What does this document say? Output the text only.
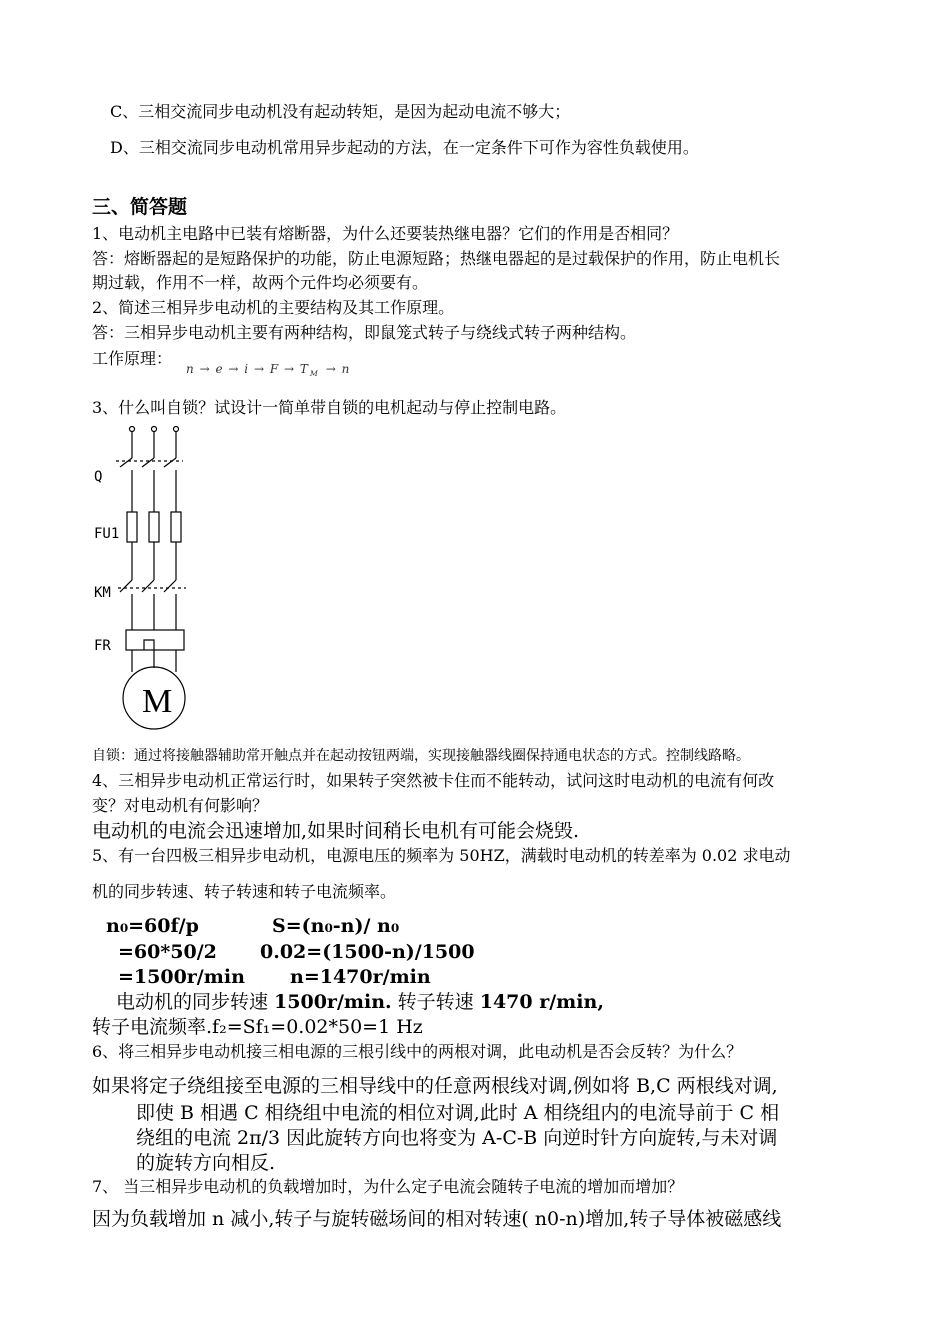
C、三相交流同步电动机没有起动转矩，是因为起动电流不够大；
D、三相交流同步电动机常用异步起动的方法，在一定条件下可作为容性负载使用。
三、简答题
1、电动机主电路中已装有熔断器，为什么还要装热继电器？它们的作用是否相同？
答：熔断器起的是短路保护的功能，防止电源短路；热继电器起的是过载保护的作用，防止电机长
期过载，作用不一样，故两个元件均必须要有。
2、简述三相异步电动机的主要结构及其工作原理。
答：三相异步电动机主要有两种结构，即鼠笼式转子与绕线式转子两种结构。
工作原理：
n → e → i → F → T $_M$ → n
3、什么叫自锁？试设计一简单带自锁的电机起动与停止控制电路。
Q
FU1
KM
FR
M
自锁：通过将接触器辅助常开触点并在起动按钮两端，实现接触器线圈保持通电状态的方式。控制线路略。
4、三相异步电动机正常运行时，如果转子突然被卡住而不能转动，试问这时电动机的电流有何改
变？对电动机有何影响？
电动机的电流会迅速增加,如果时间稍长电机有可能会烧毁.
5、有一台四极三相异步电动机，电源电压的频率为 50HZ，满载时电动机的转差率为 0.02 求电动
机的同步转速、转子转速和转子电流频率。
n₀=60f/p	S=(n₀-n)/ n₀
=60*50/2 0.02=(1500-n)/1500
=1500r/min n=1470r/min
电动机的同步转速 1500r/min. 转子转速 1470 r/min,
转子电流频率.f₂=Sf₁=0.02*50=1 Hz
6、将三相异步电动机接三相电源的三根引线中的两根对调，此电动机是否会反转？为什么？
如果将定子绕组接至电源的三相导线中的任意两根线对调,例如将 B,C 两根线对调,
即使 B 相遇 C 相绕组中电流的相位对调,此时 A 相绕组内的电流导前于 C 相
绕组的电流 2π/3 因此旋转方向也将变为 A-C-B 向逆时针方向旋转,与未对调
的旋转方向相反.
7、 当三相异步电动机的负载增加时，为什么定子电流会随转子电流的增加而增加？
因为负载增加 n 减小,转子与旋转磁场间的相对转速( n0-n)增加,转子导体被磁感线
